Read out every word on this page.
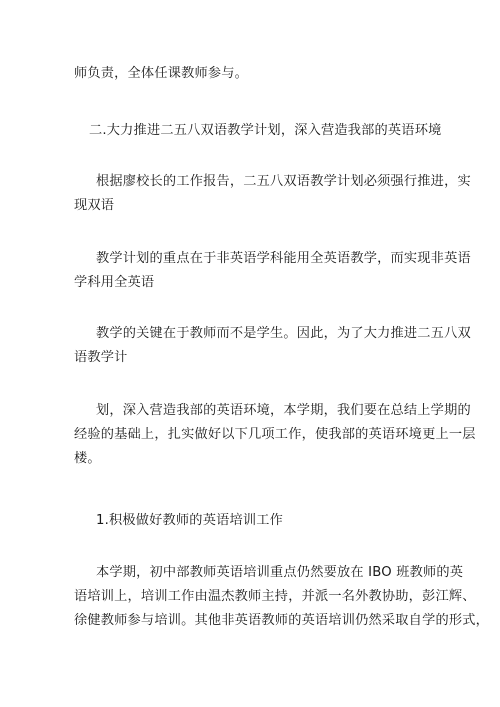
师负责，全体任课教师参与。

二.大力推进二五八双语教学计划，深入营造我部的英语环境

根据廖校长的工作报告，二五八双语教学计划必须强行推进，实
现双语

教学计划的重点在于非英语学科能用全英语教学，而实现非英语
学科用全英语

教学的关键在于教师而不是学生。因此，为了大力推进二五八双
语教学计

划，深入营造我部的英语环境，本学期，我们要在总结上学期的
经验的基础上，扎实做好以下几项工作，使我部的英语环境更上一层
楼。

1.积极做好教师的英语培训工作

本学期，初中部教师英语培训重点仍然要放在 IBO 班教师的英
语培训上，培训工作由温杰教师主持，并派一名外教协助，彭江辉、
徐健教师参与培训。其他非英语教师的英语培训仍然采取自学的形式，
